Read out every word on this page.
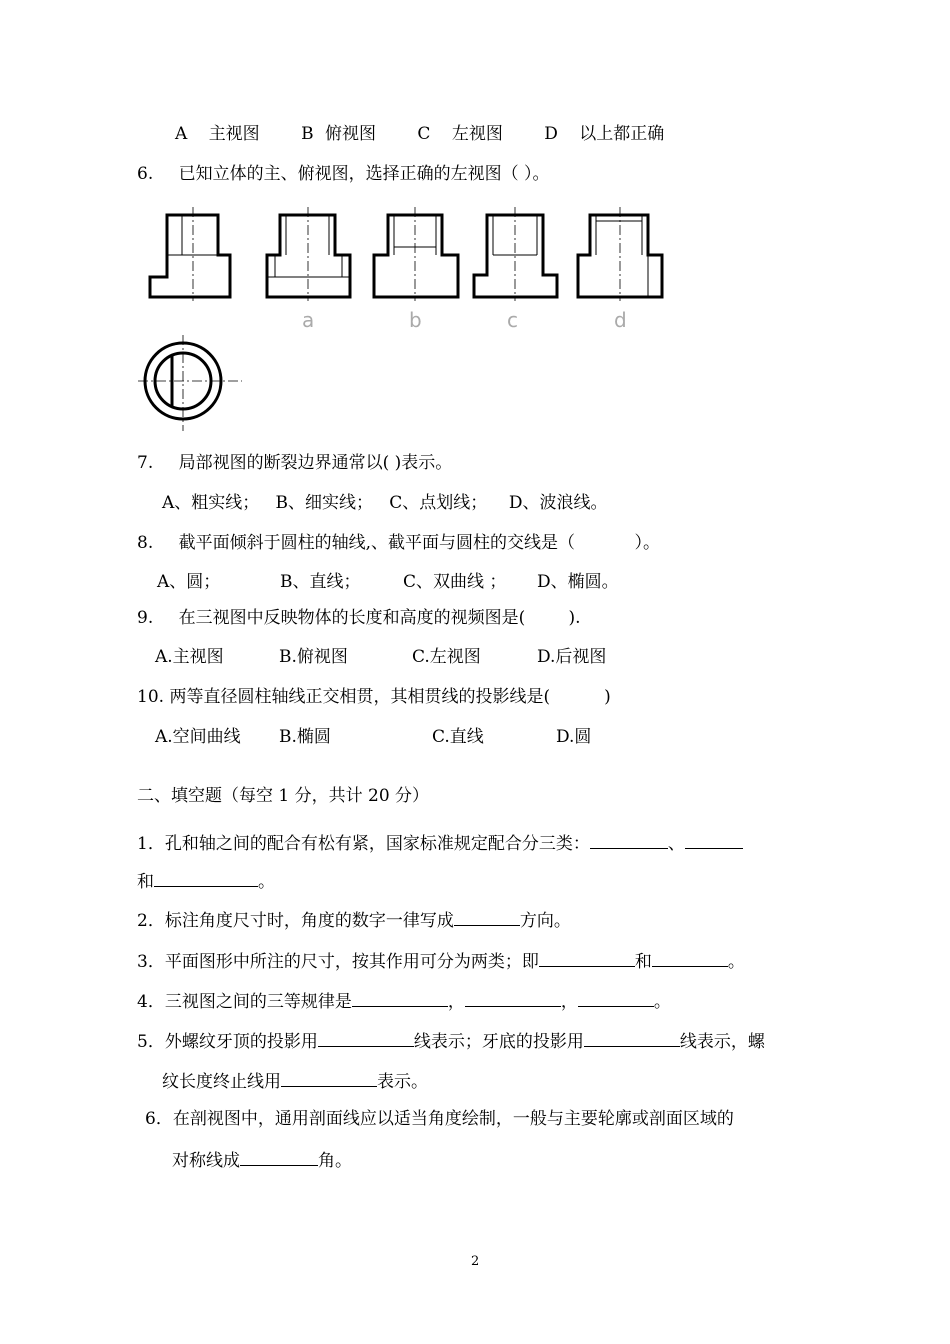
A 主视图 B 俯视图 C 左视图 D 以上都正确
6. 已知立体的主、俯视图，选择正确的左视图（ ）。
a	b	c	d
7. 局部视图的断裂边界通常以( )表示。
A、粗实线；   B、细实线；   C、点划线；    D、波浪线。
8. 截平面倾斜于圆柱的轴线,、截平面与圆柱的交线是（           ）。
A、圆；	B、直线；	C、双曲线 ； D、椭圆。
9. 在三视图中反映物体的长度和高度的视频图是(        ).
A.主视图	B.俯视图	C.左视图	D.后视图
10. 两等直径圆柱轴线正交相贯，其相贯线的投影线是(          )
A.空间曲线 B.椭圆	C.直线	D.圆
二、填空题（每空 1 分，共计 20 分）
1．孔和轴之间的配合有松有紧，国家标准规定配合分三类：	、
和	。
2．标注角度尺寸时，角度的数字一律写成	方向。
3．平面图形中所注的尺寸，按其作用可分为两类；即	和	。
4．三视图之间的三等规律是	，	，	。
5．外螺纹牙顶的投影用	线表示；牙底的投影用	线表示，螺
纹长度终止线用	表示。
6．在剖视图中，通用剖面线应以适当角度绘制，一般与主要轮廓或剖面区域的
对称线成	角。
2
